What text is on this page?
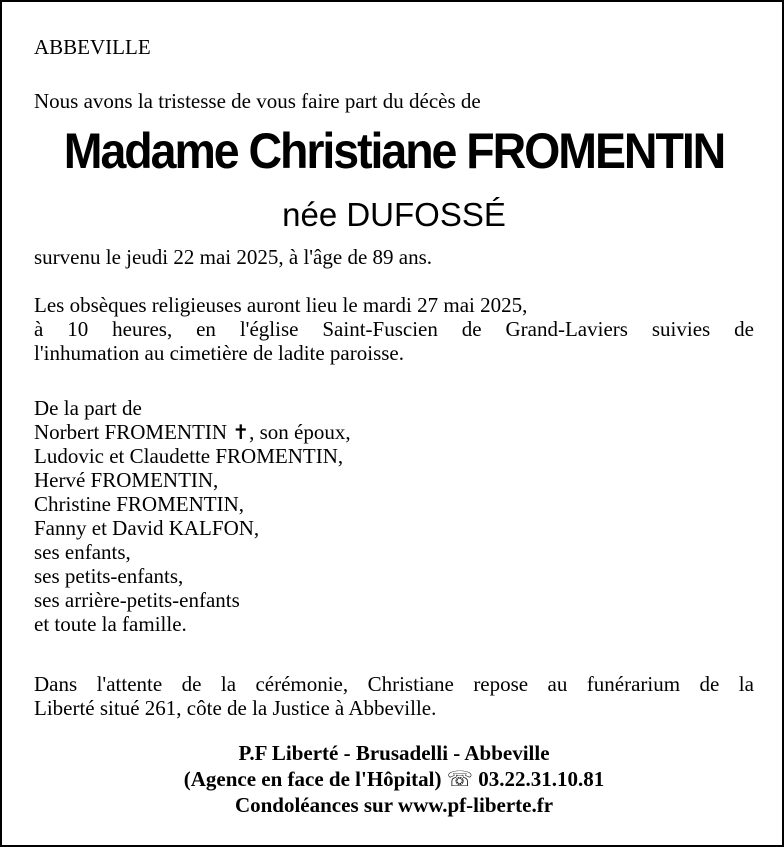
ABBEVILLE
Nous avons la tristesse de vous faire part du décès de
Madame Christiane FROMENTIN
née DUFOSSÉ
survenu le jeudi 22 mai 2025, à l'âge de 89 ans.
Les obsèques religieuses auront lieu le mardi 27 mai 2025,
à 10 heures, en l'église Saint-Fuscien de Grand-Laviers suivies de
l'inhumation au cimetière de ladite paroisse.
De la part de
Norbert FROMENTIN ✝, son époux,
Ludovic et Claudette FROMENTIN,
Hervé FROMENTIN,
Christine FROMENTIN,
Fanny et David KALFON,
ses enfants,
ses petits-enfants,
ses arrière-petits-enfants
et toute la famille.
Dans l'attente de la cérémonie, Christiane repose au funérarium de la
Liberté situé 261, côte de la Justice à Abbeville.
P.F Liberté - Brusadelli - Abbeville
(Agence en face de l'Hôpital) ☏ 03.22.31.10.81
Condoléances sur www.pf-liberte.fr
